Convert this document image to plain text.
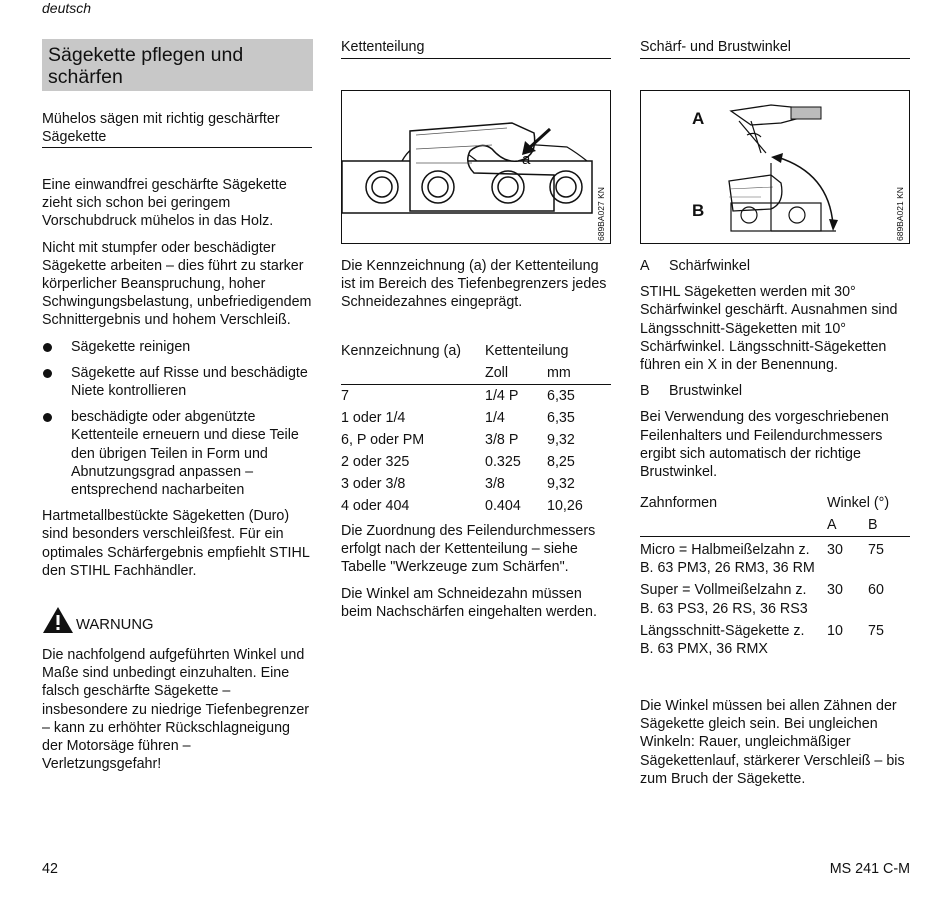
deutsch
Sägekette pflegen und schärfen
Mühelos sägen mit richtig geschärfter Sägekette

Eine einwandfrei geschärfte Sägekette zieht sich schon bei geringem Vorschubdruck mühelos in das Holz.

Nicht mit stumpfer oder beschädigter Sägekette arbeiten – dies führt zu starker körperlicher Beanspruchung, hoher Schwingungsbelastung, unbefriedigendem Schnittergebnis und hohem Verschleiß.

Sägekette reinigen

Sägekette auf Risse und beschädigte Niete kontrollieren

beschädigte oder abgenützte Kettenteile erneuern und diese Teile den übrigen Teilen in Form und Abnutzungsgrad anpassen – entsprechend nacharbeiten

Hartmetallbestückte Sägeketten (Duro) sind besonders verschleißfest. Für ein optimales Schärfergebnis empfiehlt STIHL den STIHL Fachhändler.

WARNUNG
Die nachfolgend aufgeführten Winkel und Maße sind unbedingt einzuhalten. Eine falsch geschärfte Sägekette – insbesondere zu niedrige Tiefenbegrenzer – kann zu erhöhter Rückschlagneigung der Motorsäge führen – Verletzungsgefahr!
Kettenteilung
a
689BA027 KN
Die Kennzeichnung (a) der Kettenteilung ist im Bereich des Tiefenbegrenzers jedes Schneidezahnes eingeprägt.
Kennzeichnung (a)	Kettenteilung	
	Zoll	mm
7	1/4 P	6,35
1 oder 1/4	1/4	6,35
6, P oder PM	3/8 P	9,32
2 oder 325	0.325	8,25
3 oder 3/8	3/8	9,32
4 oder 404	0.404	10,26

Die Zuordnung des Feilendurchmessers erfolgt nach der Kettenteilung – siehe Tabelle "Werkzeuge zum Schärfen".

Die Winkel am Schneidezahn müssen beim Nachschärfen eingehalten werden.

Schärf- und Brustwinkel
A
B	689BA021 KN

A Schärfwinkel

STIHL Sägeketten werden mit 30° Schärfwinkel geschärft. Ausnahmen sind Längsschnitt-Sägeketten mit 10° Schärfwinkel. Längsschnitt-Sägeketten führen ein X in der Benennung.

B Brustwinkel

Bei Verwendung des vorgeschriebenen Feilenhalters und Feilendurchmessers ergibt sich automatisch der richtige Brustwinkel.

Zahnformen	Winkel (°)	
	A	B
Micro = Halbmeißelzahn z. B. 63 PM3, 26 RM3, 36 RM	30	75
Super = Vollmeißelzahn z. B. 63 PS3, 26 RS, 36 RS3	30	60
Längsschnitt-Sägekette z. B. 63 PMX, 36 RMX	10	75
Die Winkel müssen bei allen Zähnen der Sägekette gleich sein. Bei ungleichen Winkeln: Rauer, ungleichmäßiger Sägekettenlauf, stärkerer Verschleiß – bis zum Bruch der Sägekette.
42	MS 241 C-M
